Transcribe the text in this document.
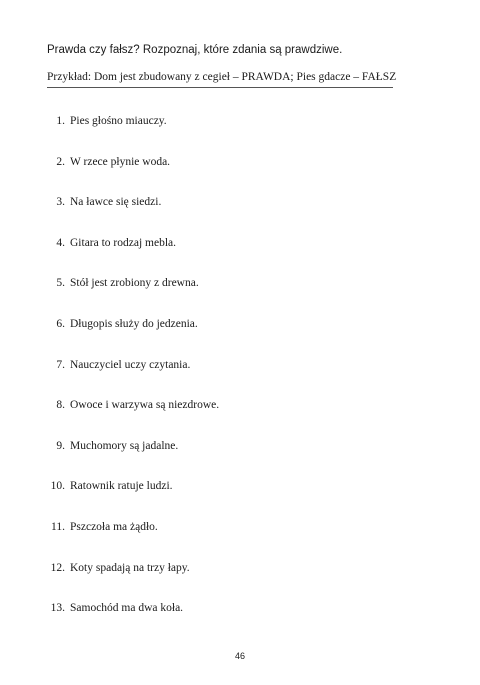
Prawda czy fałsz? Rozpoznaj, które zdania są prawdziwe.
Przykład: Dom jest zbudowany z cegieł – PRAWDA; Pies gdacze – FAŁSZ
1. Pies głośno miauczy.
2. W rzece płynie woda.
3. Na ławce się siedzi.
4. Gitara to rodzaj mebla.
5. Stół jest zrobiony z drewna.
6. Długopis służy do jedzenia.
7. Nauczyciel uczy czytania.
8. Owoce i warzywa są niezdrowe.
9. Muchomory są jadalne.
10. Ratownik ratuje ludzi.
11. Pszczoła ma żądło.
12. Koty spadają na trzy łapy.
13. Samochód ma dwa koła.
46
